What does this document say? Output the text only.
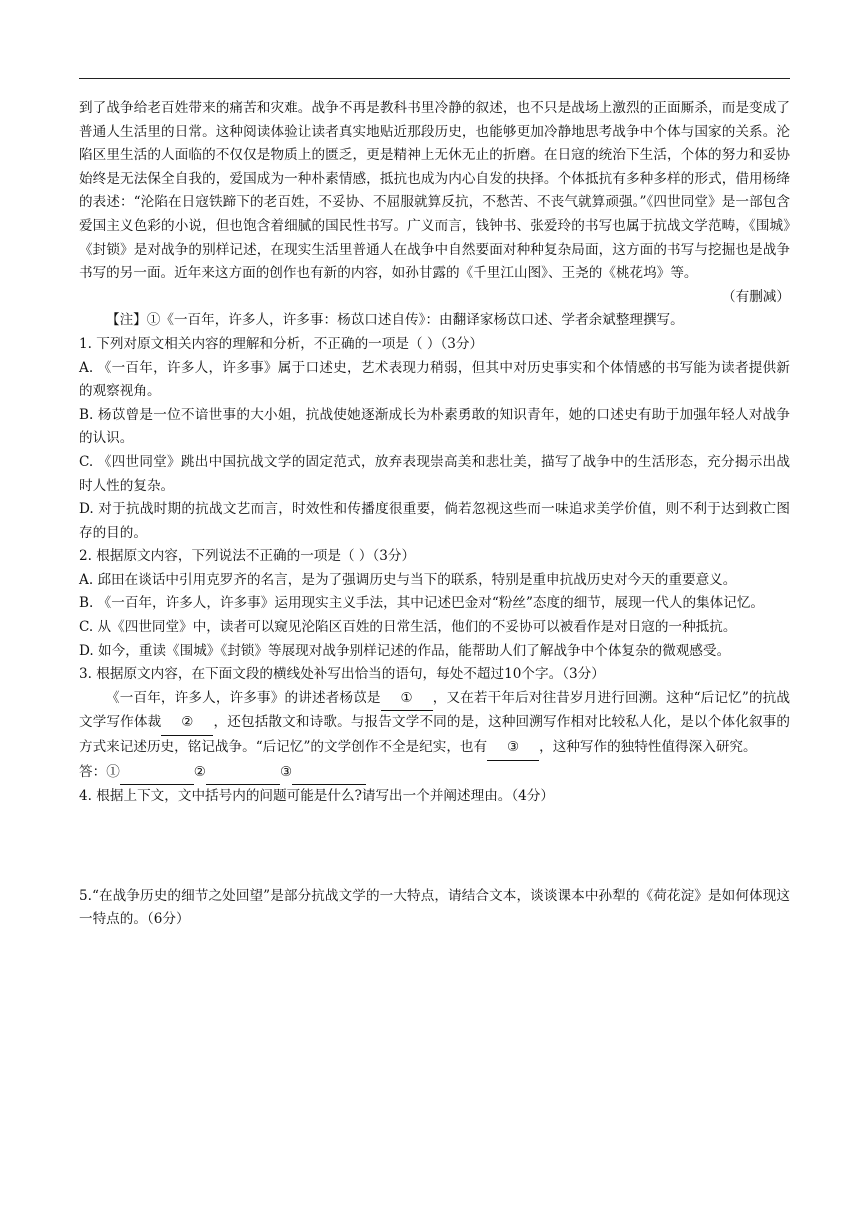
到了战争给老百姓带来的痛苦和灾难。战争不再是教科书里冷静的叙述，也不只是战场上激烈的正面厮杀，而是变成了普通人生活里的日常。这种阅读体验让读者真实地贴近那段历史，也能够更加冷静地思考战争中个体与国家的关系。沦陷区里生活的人面临的不仅仅是物质上的匮乏，更是精神上无休无止的折磨。在日寇的统治下生活，个体的努力和妥协始终是无法保全自我的，爱国成为一种朴素情感，抵抗也成为内心自发的抉择。个体抵抗有多种多样的形式，借用杨绛的表述：“沦陷在日寇铁蹄下的老百姓，不妥协、不屈服就算反抗，不愁苦、不丧气就算顽强。”《四世同堂》是一部包含爱国主义色彩的小说，但也饱含着细腻的国民性书写。广义而言，钱钟书、张爱玲的书写也属于抗战文学范畴，《围城》《封锁》是对战争的别样记述，在现实生活里普通人在战争中自然要面对种种复杂局面，这方面的书写与挖掘也是战争书写的另一面。近年来这方面的创作也有新的内容，如孙甘露的《千里江山图》、王尧的《桃花坞》等。

（有删减）

【注】①《一百年，许多人，许多事：杨苡口述自传》：由翻译家杨苡口述、学者余斌整理撰写。

1. 下列对原文相关内容的理解和分析，不正确的一项是（ ）（3分）

A. 《一百年，许多人，许多事》属于口述史，艺术表现力稍弱，但其中对历史事实和个体情感的书写能为读者提供新的观察视角。

B. 杨苡曾是一位不谙世事的大小姐，抗战使她逐渐成长为朴素勇敢的知识青年，她的口述史有助于加强年轻人对战争的认识。

C. 《四世同堂》跳出中国抗战文学的固定范式，放弃表现崇高美和悲壮美，描写了战争中的生活形态，充分揭示出战时人性的复杂。

D. 对于抗战时期的抗战文艺而言，时效性和传播度很重要，倘若忽视这些而一味追求美学价值，则不利于达到救亡图存的目的。

2. 根据原文内容，下列说法不正确的一项是（ ）（3分）

A. 邱田在谈话中引用克罗齐的名言，是为了强调历史与当下的联系，特别是重申抗战历史对今天的重要意义。

B. 《一百年，许多人，许多事》运用现实主义手法，其中记述巴金对“粉丝”态度的细节，展现一代人的集体记忆。

C. 从《四世同堂》中，读者可以窥见沦陷区百姓的日常生活，他们的不妥协可以被看作是对日寇的一种抵抗。

D. 如今，重读《围城》《封锁》等展现对战争别样记述的作品，能帮助人们了解战争中个体复杂的微观感受。

3. 根据原文内容，在下面文段的横线处补写出恰当的语句，每处不超过10个字。（3分）

《一百年，许多人，许多事》的讲述者杨苡是 ① ，又在若干年后对往昔岁月进行回溯。这种“后记忆”的抗战文学写作体裁 ② ，还包括散文和诗歌。与报告文学不同的是，这种回溯写作相对比较私人化，是以个体化叙事的方式来记述历史，铭记战争。“后记忆”的文学创作不全是纪实，也有 ③ ，这种写作的独特性值得深入研究。

答：①	②	③

4. 根据上下文，文中括号内的问题可能是什么?请写出一个并阐述理由。（4分）

5.“在战争历史的细节之处回望”是部分抗战文学的一大特点，请结合文本，谈谈课本中孙犁的《荷花淀》是如何体现这一特点的。（6分）
